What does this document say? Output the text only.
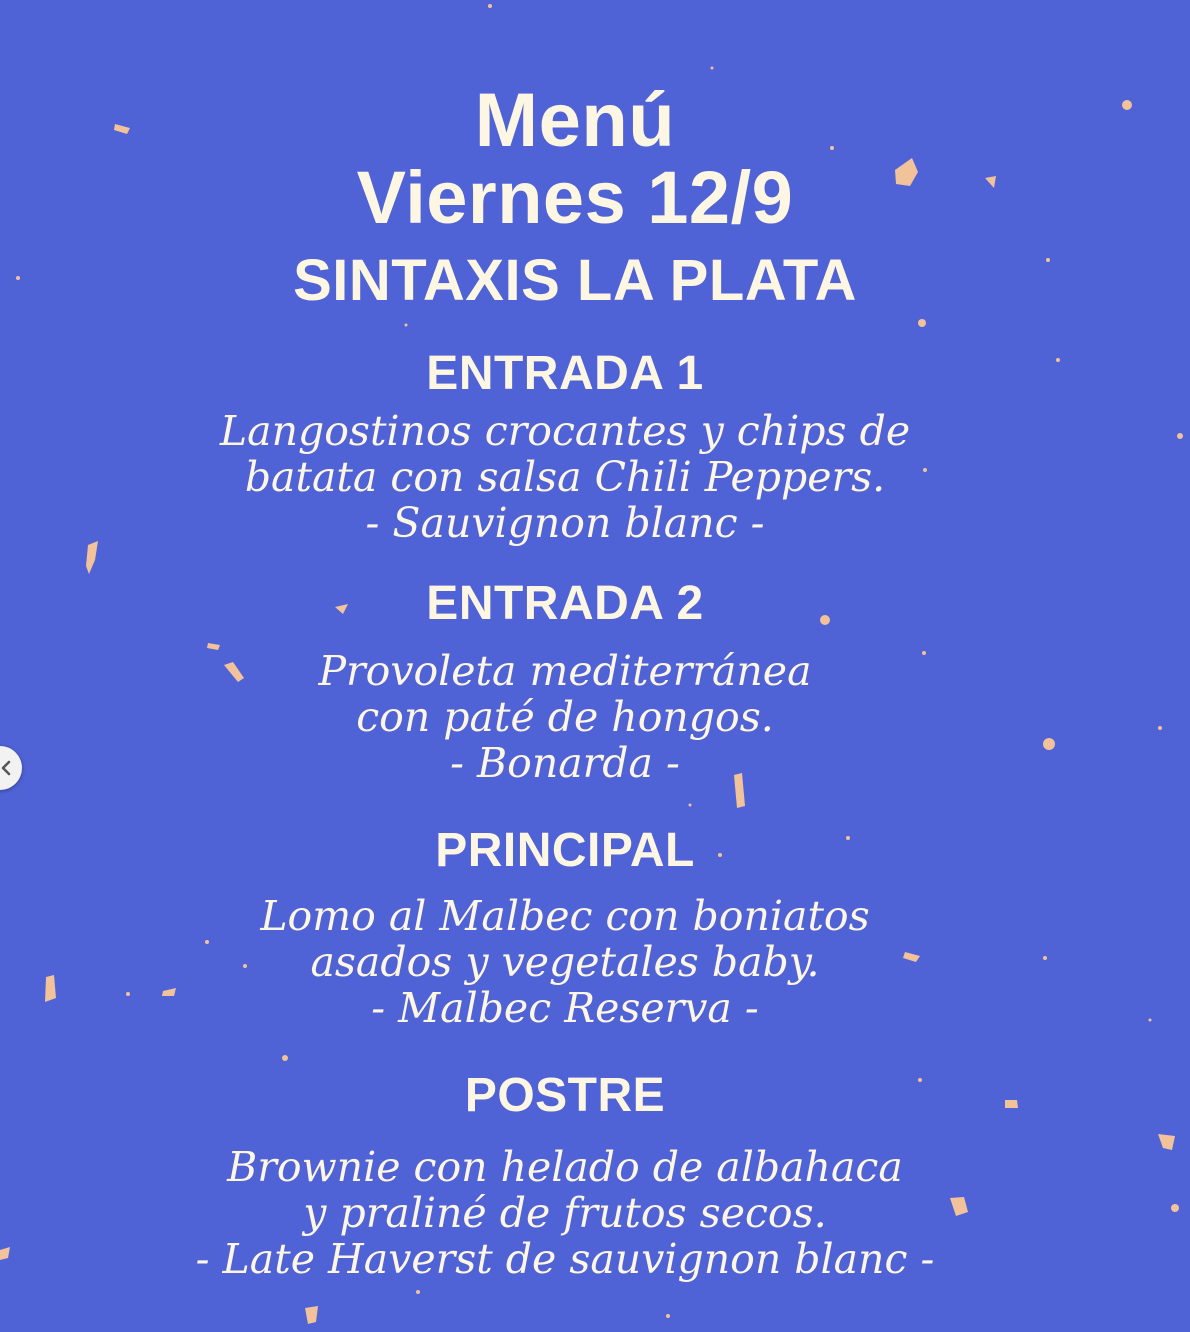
Menú
Viernes 12/9
SINTAXIS LA PLATA
ENTRADA 1
Langostinos crocantes y chips de
batata con salsa Chili Peppers.
- Sauvignon blanc -
ENTRADA 2
Provoleta mediterránea
con paté de hongos.
- Bonarda -
PRINCIPAL
Lomo al Malbec con boniatos
asados y vegetales baby.
- Malbec Reserva -
POSTRE
Brownie con helado de albahaca
y praliné de frutos secos.
- Late Haverst de sauvignon blanc -
